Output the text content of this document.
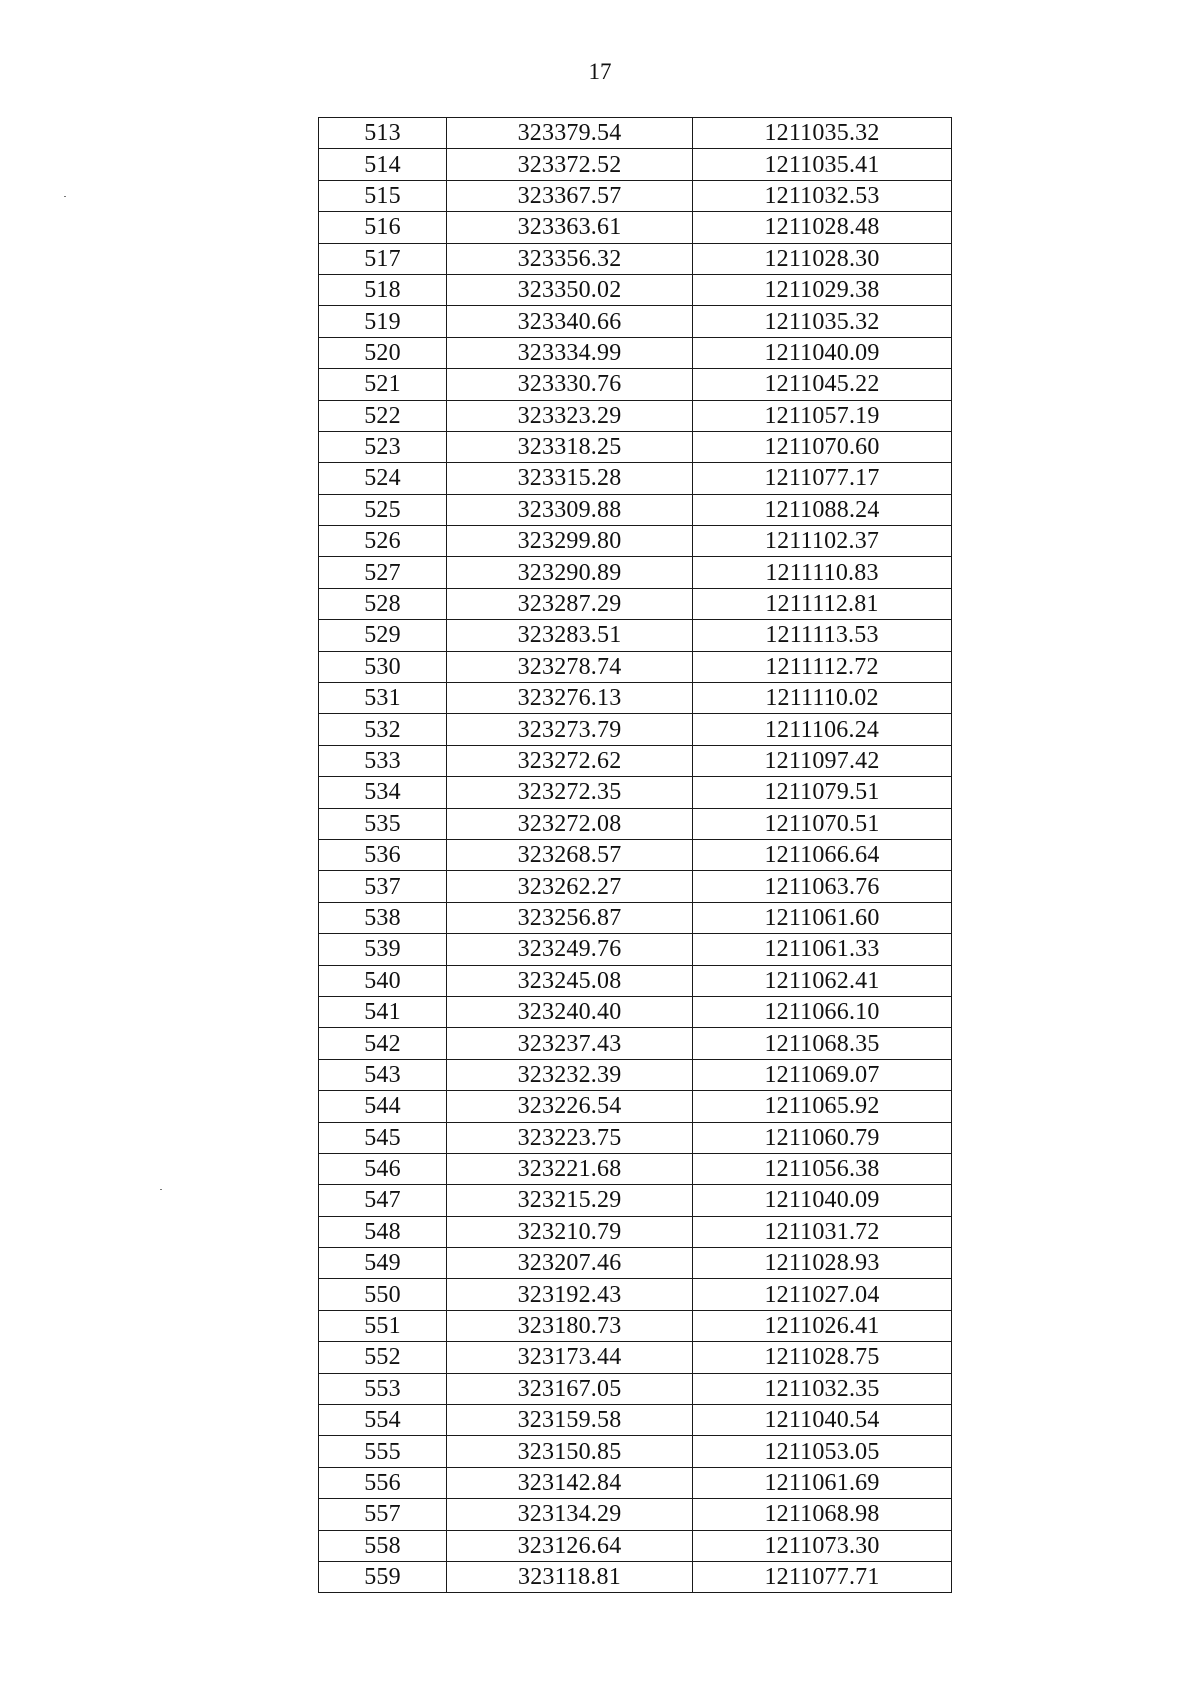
17
513	323379.54	1211035.32
514	323372.52	1211035.41
515	323367.57	1211032.53
516	323363.61	1211028.48
517	323356.32	1211028.30
518	323350.02	1211029.38
519	323340.66	1211035.32
520	323334.99	1211040.09
521	323330.76	1211045.22
522	323323.29	1211057.19
523	323318.25	1211070.60
524	323315.28	1211077.17
525	323309.88	1211088.24
526	323299.80	1211102.37
527	323290.89	1211110.83
528	323287.29	1211112.81
529	323283.51	1211113.53
530	323278.74	1211112.72
531	323276.13	1211110.02
532	323273.79	1211106.24
533	323272.62	1211097.42
534	323272.35	1211079.51
535	323272.08	1211070.51
536	323268.57	1211066.64
537	323262.27	1211063.76
538	323256.87	1211061.60
539	323249.76	1211061.33
540	323245.08	1211062.41
541	323240.40	1211066.10
542	323237.43	1211068.35
543	323232.39	1211069.07
544	323226.54	1211065.92
545	323223.75	1211060.79
546	323221.68	1211056.38
547	323215.29	1211040.09
548	323210.79	1211031.72
549	323207.46	1211028.93
550	323192.43	1211027.04
551	323180.73	1211026.41
552	323173.44	1211028.75
553	323167.05	1211032.35
554	323159.58	1211040.54
555	323150.85	1211053.05
556	323142.84	1211061.69
557	323134.29	1211068.98
558	323126.64	1211073.30
559	323118.81	1211077.71
